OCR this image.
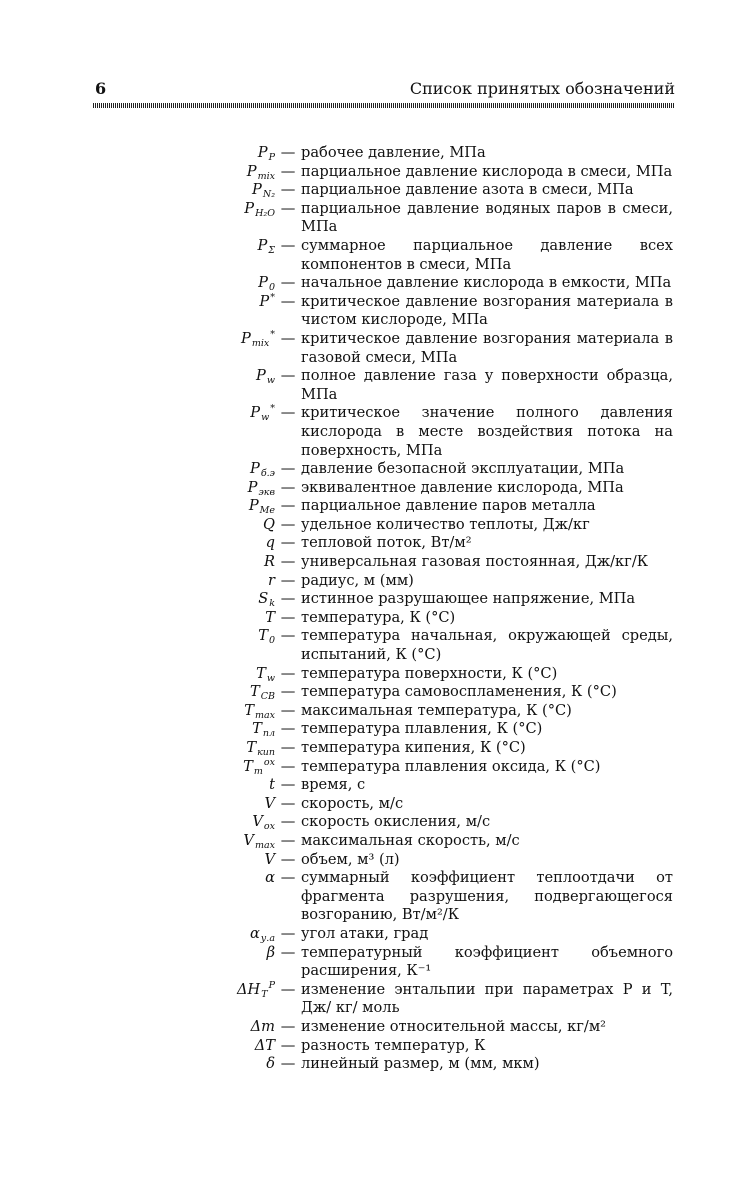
6	Список принятых обозначений
$P_P$ — рабочее давление, МПа
$P_{mix}$ — парциальное давление кислорода в смеси, МПа
$P_{N_2}$ — парциальное давление азота в смеси, МПа
$P_{H_2O}$ — парциальное давление водяных паров в смеси, МПа
$P_\Sigma$ — суммарное парциальное давление всех компонентов в смеси, МПа
$P_0$ — начальное давление кислорода в емкости, МПа
P* — критическое давление возгорания материала в чистом кислороде, МПа
$P_{mix}^*$ — критическое давление возгорания материала в газовой смеси, МПа
$P_w$ — полное давление газа у поверхности образца, МПа
$P_w^*$ — критическое значение полного давления кислорода в месте воздействия потока на поверхность, МПа
$P_{б.э}$ — давление безопасной эксплуатации, МПа
$P_{экв}$ — эквивалентное давление кислорода, МПа
$P_{Me}$ — парциальное давление паров металла
Q — удельное количество теплоты, Дж/кг
q — тепловой поток, Вт/м²
R — универсальная газовая постоянная, Дж/кг/К
r — радиус, м (мм)
$S_k$ — истинное разрушающее напряжение, МПа
T — температура, К (°С)
$T_0$ — температура начальная, окружающей среды, испытаний, К (°С)
$T_w$ — температура поверхности, К (°С)
$T_{СВ}$ — температура самовоспламенения, К (°С)
$T_{max}$ — максимальная температура, К (°С)
$T_{пл}$ — температура плавления, К (°С)
$T_{кип}$ — температура кипения, К (°С)
$T_m^{ox}$ — температура плавления оксида, К (°С)
t — время, с
V — скорость, м/с
$V_{ox}$ — скорость окисления, м/с
$V_{max}$ — максимальная скорость, м/с
V — объем, м³ (л)
α — суммарный коэффициент теплоотдачи от фрагмента разрушения, подвергающегося возгоранию, Вт/м²/К
$\alpha_{у.а}$ — угол атаки, град
β — температурный коэффициент объемного расширения, К⁻¹
$\Delta H_T^P$ — изменение энтальпии при параметрах P и T, Дж/ кг/ моль
Δm — изменение относительной массы, кг/м²
ΔT — разность температур, К
δ — линейный размер, м (мм, мкм)
